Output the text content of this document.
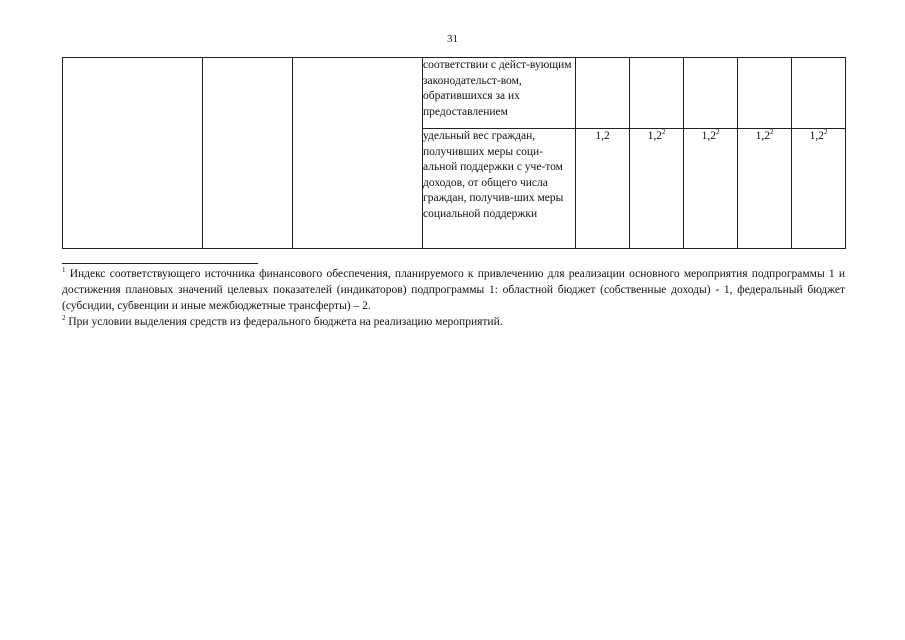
31
			соответствии с дейст-вующим законодательст-вом, обратившихся за их предоставлением					
			удельный вес граждан, получивших меры соци-альной поддержки с уче-том доходов, от общего числа граждан, получив-ших меры социальной поддержки	1,2	$1,2^2$	$1,2^2$	$1,2^2$	$1,2^2$

$^1$ Индекс соответствующего источника финансового обеспечения, планируемого к привлечению для реализации основного мероприятия подпрограммы 1 и достижения плановых значений целевых показателей (индикаторов) подпрограммы 1: областной бюджет (собственные доходы) - 1, федеральный бюджет (субсидии, субвенции и иные межбюджетные трансферты) – 2.

$^2$ При условии выделения средств из федерального бюджета на реализацию мероприятий.
